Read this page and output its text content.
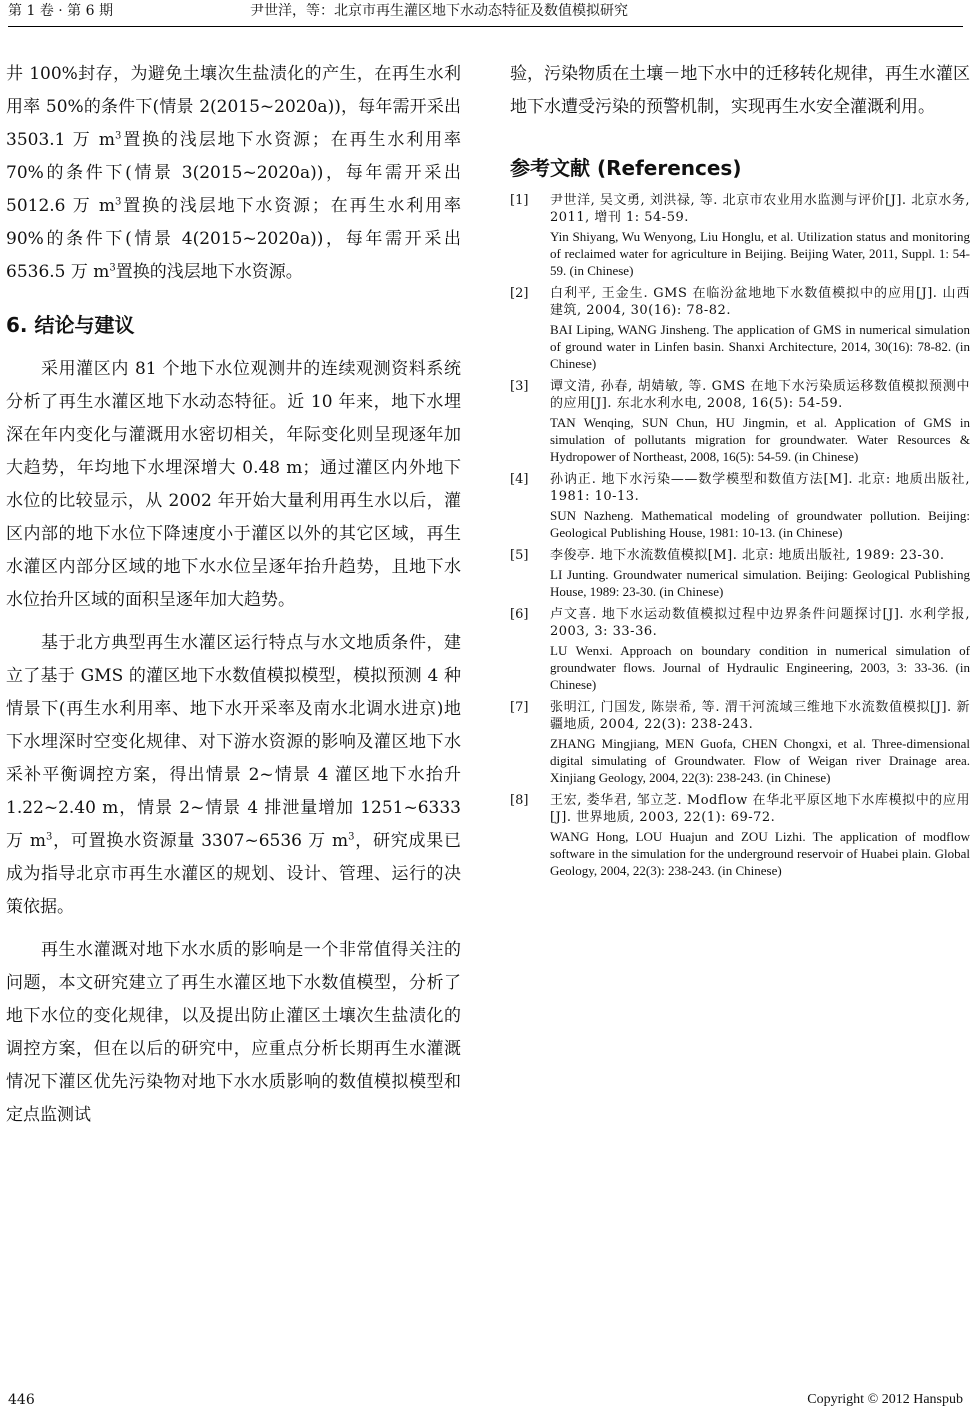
第 1 卷 · 第 6 期	尹世洋，等：北京市再生灌区地下水动态特征及数值模拟研究

井 100%封存，为避免土壤次生盐渍化的产生，在再生水利用率 50%的条件下(情景 2(2015~2020a))，每年需开采出 3503.1 万 $m^3$置换的浅层地下水资源；在再生水利用率 70%的条件下(情景 3(2015~2020a))，每年需开采出 5012.6 万 $m^3$置换的浅层地下水资源；在再生水利用率 90%的条件下(情景 4(2015~2020a))，每年需开采出 6536.5 万 $m^3$置换的浅层地下水资源。

6. 结论与建议

采用灌区内 81 个地下水位观测井的连续观测资料系统分析了再生水灌区地下水动态特征。近 10 年来，地下水埋深在年内变化与灌溉用水密切相关，年际变化则呈现逐年加大趋势，年均地下水埋深增大 0.48 m；通过灌区内外地下水位的比较显示，从 2002 年开始大量利用再生水以后，灌区内部的地下水位下降速度小于灌区以外的其它区域，再生水灌区内部分区域的地下水水位呈逐年抬升趋势，且地下水水位抬升区域的面积呈逐年加大趋势。

基于北方典型再生水灌区运行特点与水文地质条件，建立了基于 GMS 的灌区地下水数值模拟模型，模拟预测 4 种情景下(再生水利用率、地下水开采率及南水北调水进京)地下水埋深时空变化规律、对下游水资源的影响及灌区地下水采补平衡调控方案，得出情景 2~情景 4 灌区地下水抬升 1.22~2.40 m，情景 2~情景 4 排泄量增加 1251~6333 万 $m^3$，可置换水资源量 3307~6536 万 $m^3$，研究成果已成为指导北京市再生水灌区的规划、设计、管理、运行的决策依据。

再生水灌溉对地下水水质的影响是一个非常值得关注的问题，本文研究建立了再生水灌区地下水数值模型，分析了地下水位的变化规律，以及提出防止灌区土壤次生盐渍化的调控方案，但在以后的研究中，应重点分析长期再生水灌溉情况下灌区优先污染物对地下水水质影响的数值模拟模型和定点监测试

验，污染物质在土壤－地下水中的迁移转化规律，再生水灌区地下水遭受污染的预警机制，实现再生水安全灌溉利用。

参考文献 (References)
[1] 尹世洋, 吴文勇, 刘洪禄, 等. 北京市农业用水监测与评价[J]. 北京水务, 2011, 增刊 1: 54-59.
Yin Shiyang, Wu Wenyong, Liu Honglu, et al. Utilization status and monitoring of reclaimed water for agriculture in Beijing. Beijing Water, 2011, Suppl. 1: 54-59. (in Chinese)
[2] 白利平, 王金生. GMS 在临汾盆地地下水数值模拟中的应用[J]. 山西建筑, 2004, 30(16): 78-82.
BAI Liping, WANG Jinsheng. The application of GMS in numerical simulation of ground water in Linfen basin. Shanxi Architecture, 2014, 30(16): 78-82. (in Chinese)
[3] 谭文清, 孙春, 胡婧敏, 等. GMS 在地下水污染质运移数值模拟预测中的应用[J]. 东北水利水电, 2008, 16(5): 54-59.
TAN Wenqing, SUN Chun, HU Jingmin, et al. Application of GMS in simulation of pollutants migration for groundwater. Water Resources & Hydropower of Northeast, 2008, 16(5): 54-59. (in Chinese)
[4] 孙讷正. 地下水污染——数学模型和数值方法[M]. 北京: 地质出版社, 1981: 10-13.
SUN Nazheng. Mathematical modeling of groundwater pollution. Beijing: Geological Publishing House, 1981: 10-13. (in Chinese)
[5] 李俊亭. 地下水流数值模拟[M]. 北京: 地质出版社, 1989: 23-30.
LI Junting. Groundwater numerical simulation. Beijing: Geological Publishing House, 1989: 23-30. (in Chinese)
[6] 卢文喜. 地下水运动数值模拟过程中边界条件问题探讨[J]. 水利学报, 2003, 3: 33-36.
LU Wenxi. Approach on boundary condition in numerical simulation of groundwater flows. Journal of Hydraulic Engineering, 2003, 3: 33-36. (in Chinese)
[7] 张明江, 门国发, 陈崇希, 等. 渭干河流域三维地下水流数值模拟[J]. 新疆地质, 2004, 22(3): 238-243.
ZHANG Mingjiang, MEN Guofa, CHEN Chongxi, et al. Three-dimensional digital simulating of Groundwater. Flow of Weigan river Drainage area. Xinjiang Geology, 2004, 22(3): 238-243. (in Chinese)
[8] 王宏, 娄华君, 邹立芝. Modflow 在华北平原区地下水库模拟中的应用[J]. 世界地质, 2003, 22(1): 69-72.
WANG Hong, LOU Huajun and ZOU Lizhi. The application of modflow software in the simulation for the underground reservoir of Huabei plain. Global Geology, 2004, 22(3): 238-243. (in Chinese)
446	Copyright © 2012 Hanspub
